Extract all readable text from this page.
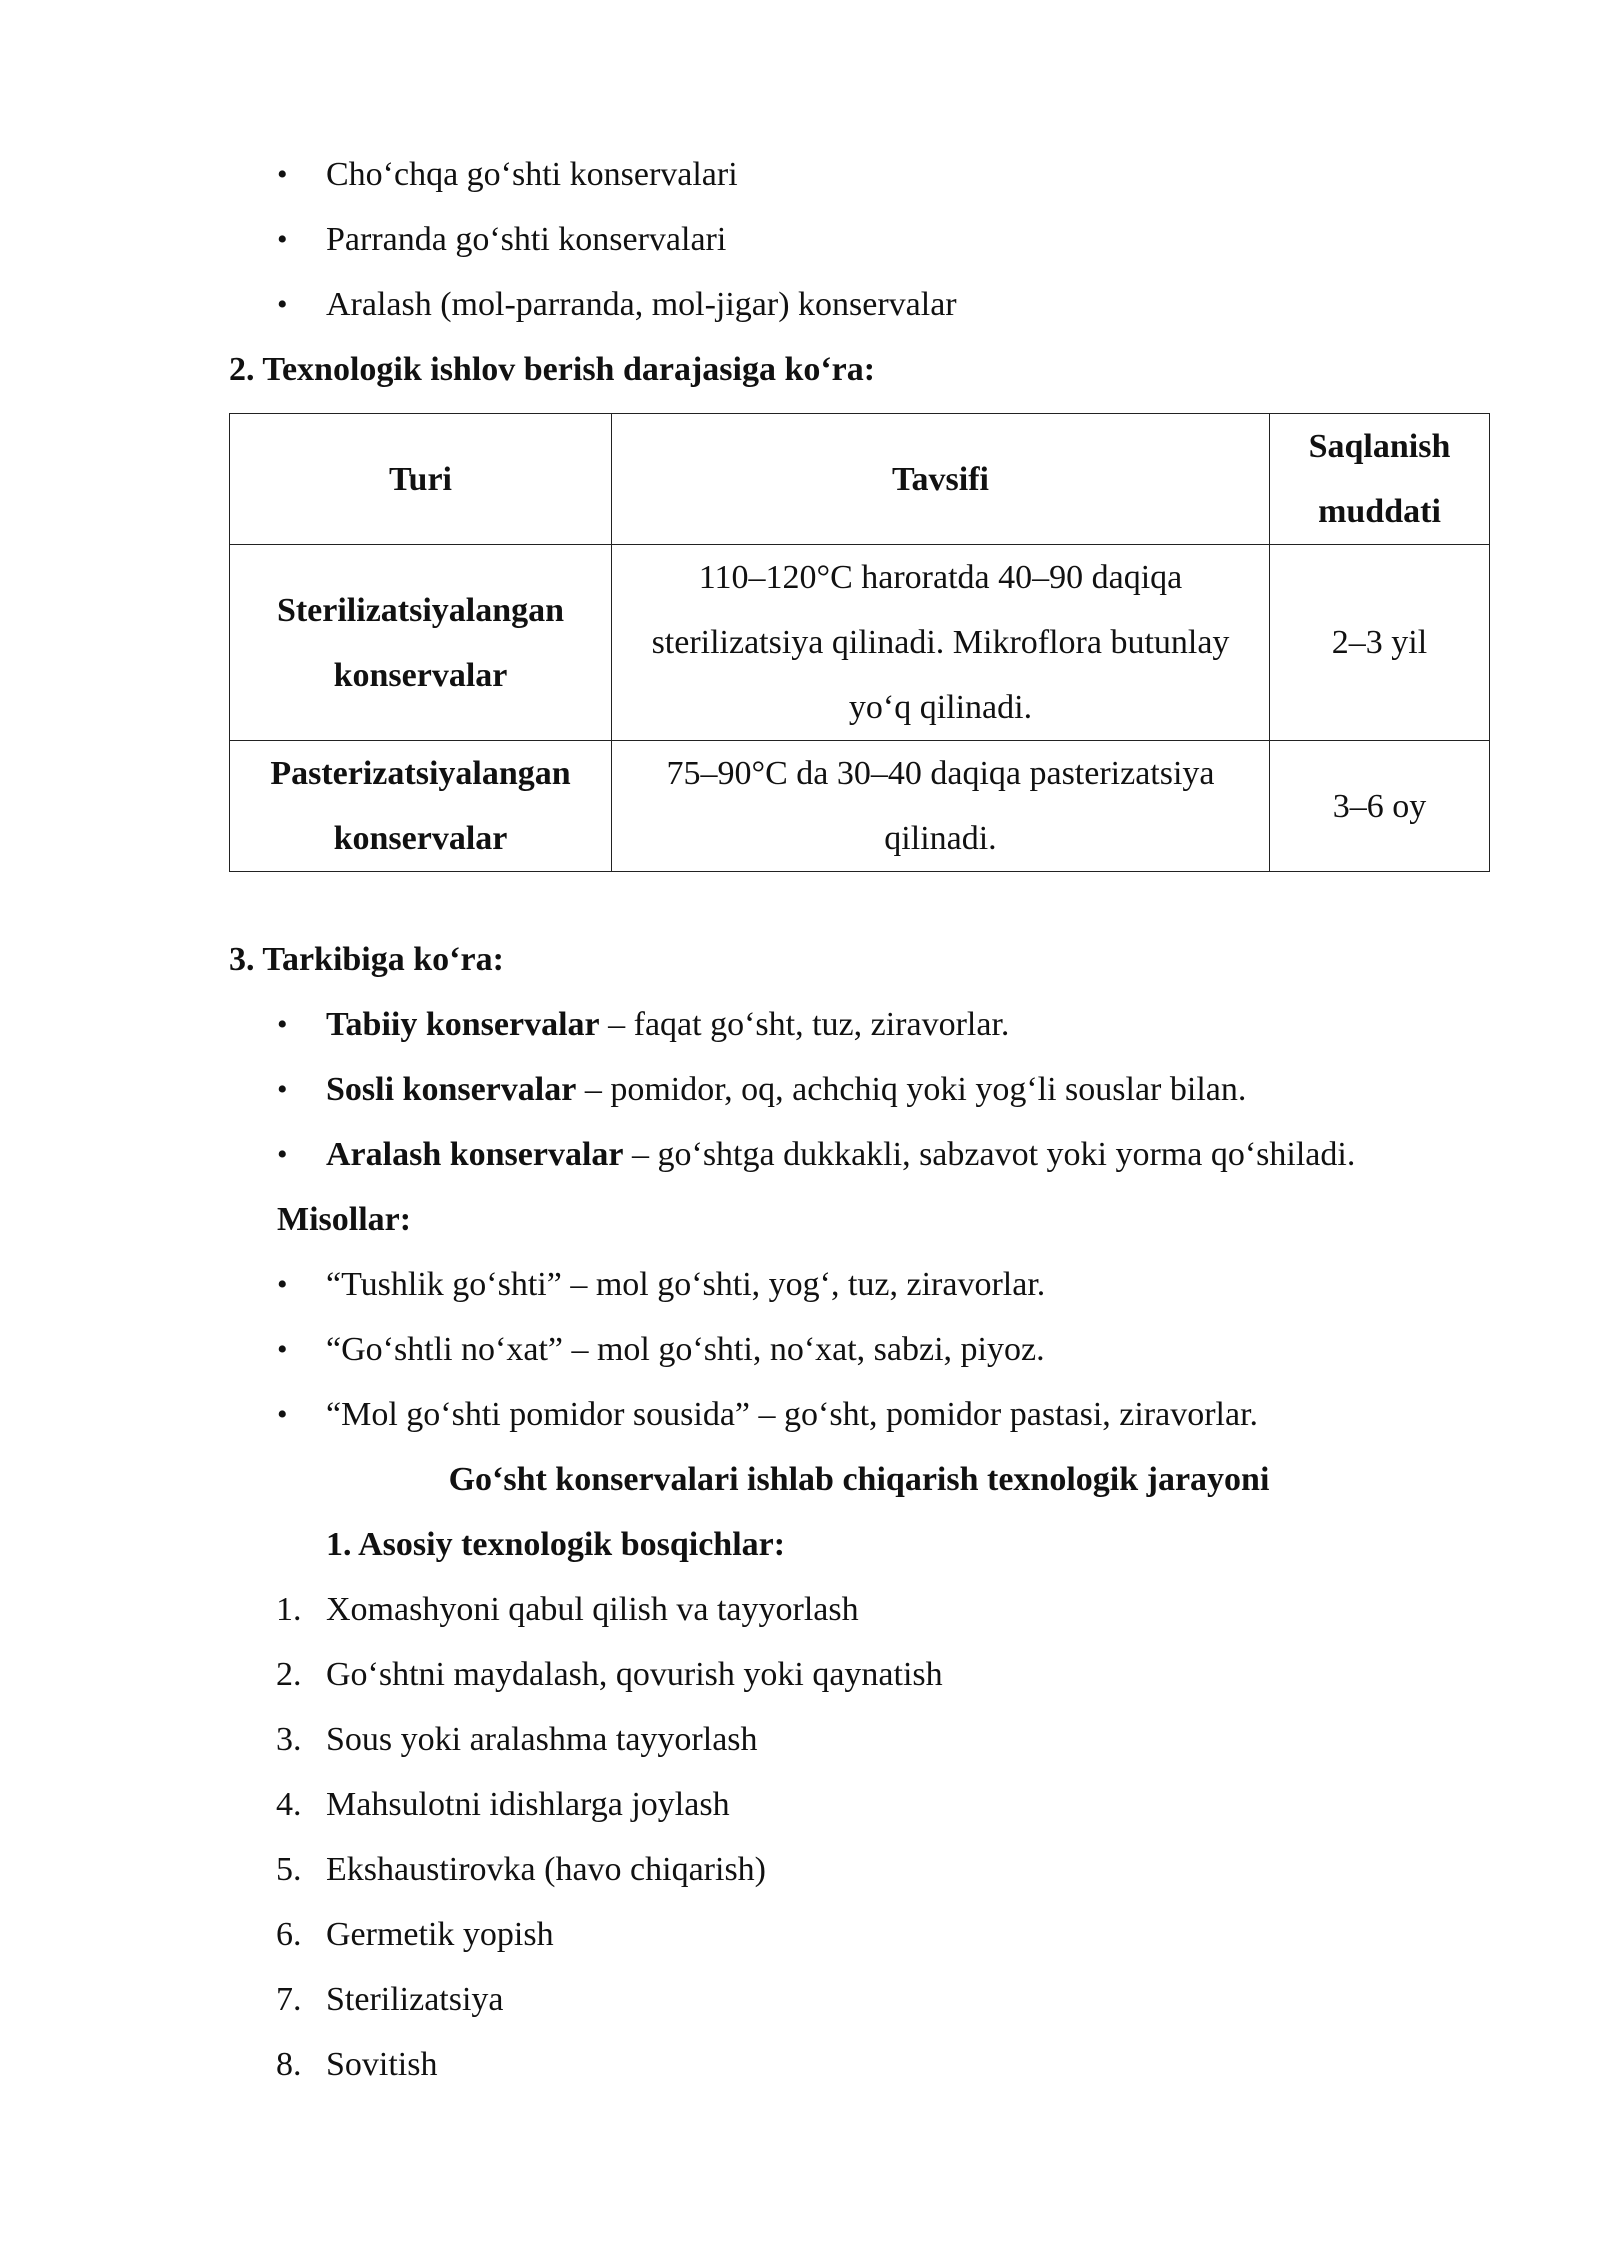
• Choʻchqa goʻshti konservalari
• Parranda goʻshti konservalari
• Aralash (mol-parranda, mol-jigar) konservalar
2. Texnologik ishlov berish darajasiga koʻra:
Turi	Tavsifi	Saqlanish muddati
Sterilizatsiyalangan konservalar	110–120°C haroratda 40–90 daqiqa sterilizatsiya qilinadi. Mikroflora butunlay yoʻq qilinadi.	2–3 yil
Pasterizatsiyalangan konservalar	75–90°C da 30–40 daqiqa pasterizatsiya qilinadi.	3–6 oy
3. Tarkibiga koʻra:
• Tabiiy konservalar – faqat goʻsht, tuz, ziravorlar.
• Sosli konservalar – pomidor, oq, achchiq yoki yogʻli souslar bilan.
• Aralash konservalar – goʻshtga dukkakli, sabzavot yoki yorma qoʻshiladi.
Misollar:
• “Tushlik goʻshti” – mol goʻshti, yogʻ, tuz, ziravorlar.
• “Goʻshtli noʻxat” – mol goʻshti, noʻxat, sabzi, piyoz.
• “Mol goʻshti pomidor sousida” – goʻsht, pomidor pastasi, ziravorlar.
Goʻsht konservalari ishlab chiqarish texnologik jarayoni
1. Asosiy texnologik bosqichlar:
1. Xomashyoni qabul qilish va tayyorlash
2. Goʻshtni maydalash, qovurish yoki qaynatish
3. Sous yoki aralashma tayyorlash
4. Mahsulotni idishlarga joylash
5. Ekshaustirovka (havo chiqarish)
6. Germetik yopish
7. Sterilizatsiya
8. Sovitish
